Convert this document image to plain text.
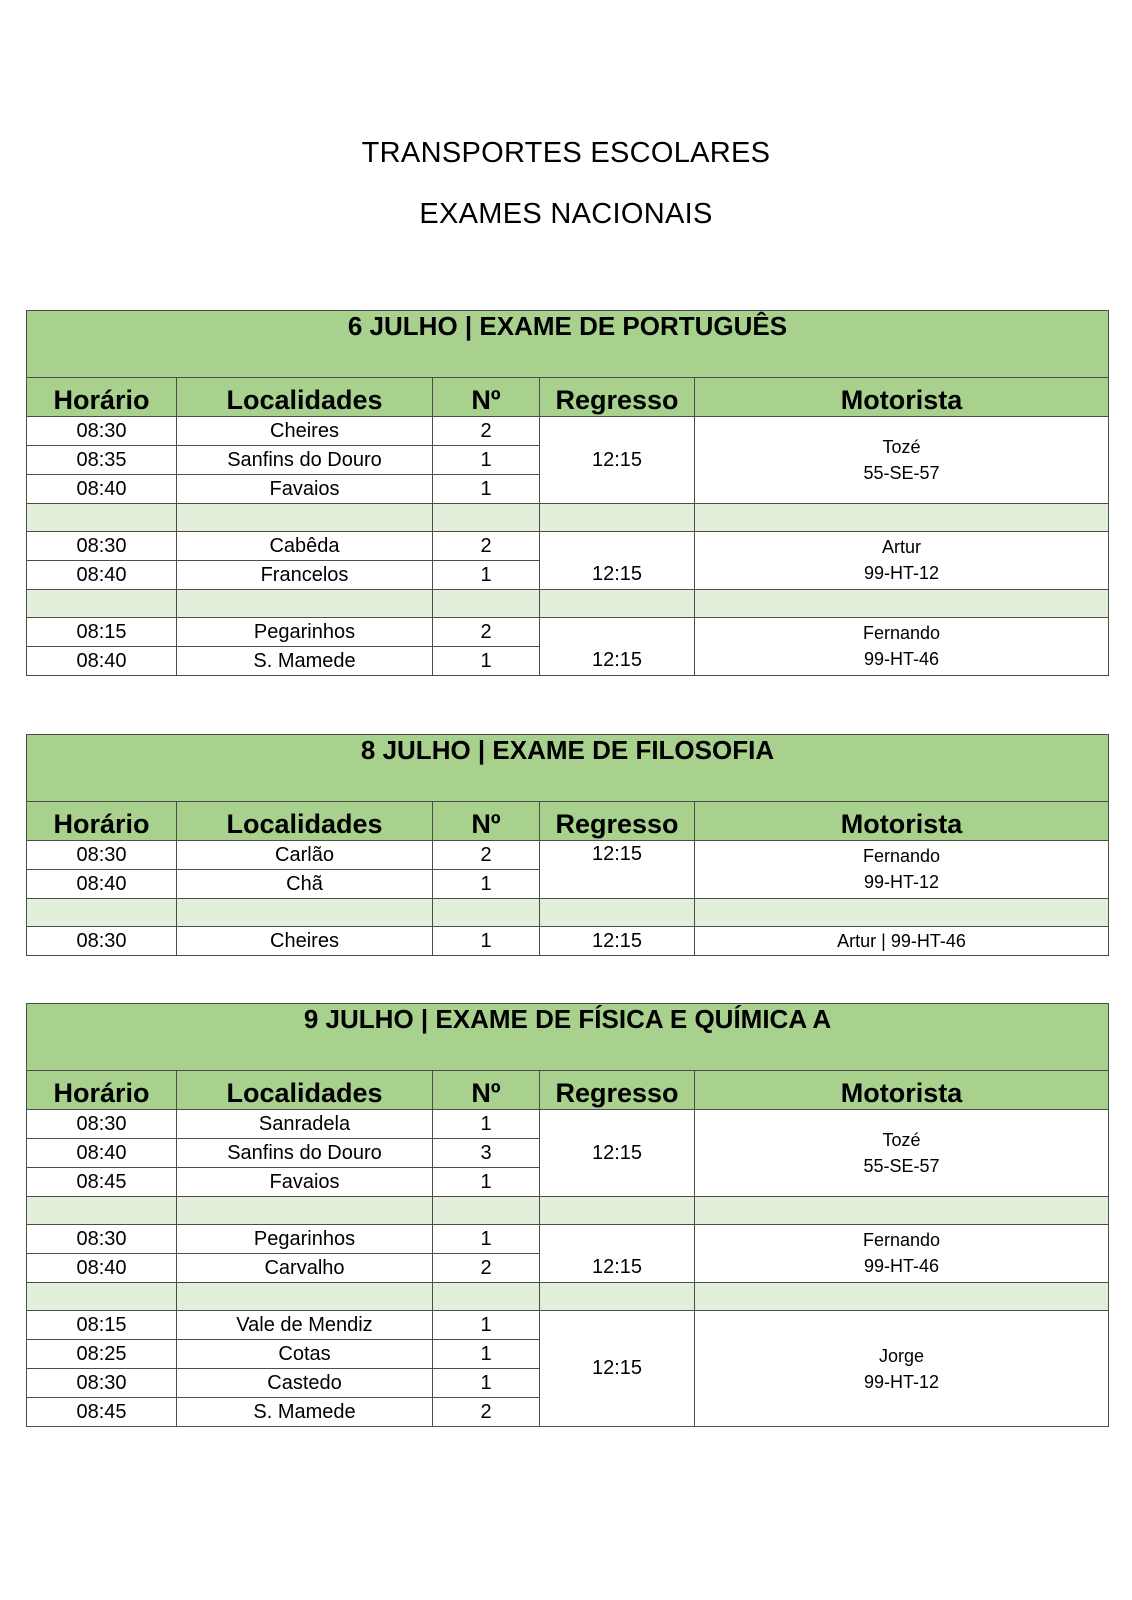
TRANSPORTES ESCOLARES
EXAMES NACIONAIS
6 JULHO | EXAME DE PORTUGUÊS				
Horário	Localidades	Nº	Regresso	Motorista
08:30	Cheires	2	12:15	Tozé
55-SE-57

08:35	Sanfins do Douro	1		
08:40	Favaios	1		

08:30	Cabêda	2	12:15	Artur
99-HT-12

08:40	Francelos	1		

08:15	Pegarinhos	2	12:15	Fernando
99-HT-46

08:40	S. Mamede	1		
8 JULHO | EXAME DE FILOSOFIA				
Horário	Localidades	Nº	Regresso	Motorista
08:30	Carlão	2	12:15	Fernando
99-HT-12

08:40	Chã	1		

08:30	Cheires	1	12:15	Artur | 99-HT-46
9 JULHO | EXAME DE FÍSICA E QUÍMICA A				
Horário	Localidades	Nº	Regresso	Motorista
08:30	Sanradela	1	12:15	Tozé
55-SE-57

08:40	Sanfins do Douro	3		
08:45	Favaios	1		

08:30	Pegarinhos	1	12:15	Fernando
99-HT-46

08:40	Carvalho	2		

08:15	Vale de Mendiz	1	12:15	Jorge
99-HT-12

08:25	Cotas	1		
08:30	Castedo	1		
08:45	S. Mamede	2		
